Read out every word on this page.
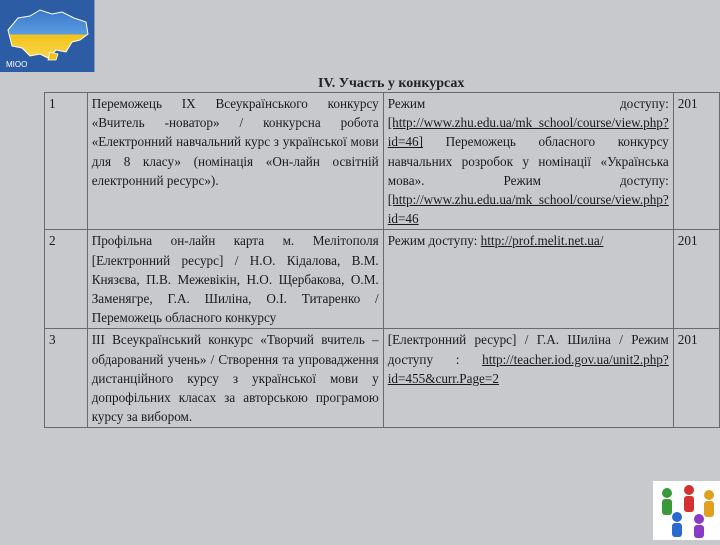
МІОО
IV. Участь у конкурсах
1	Переможець IX Всеукраїнського конкурсу «Вчитель -новатор» / конкурсна робота «Електронний навчальний курс з української мови для 8 класу» (номінація «Он-лайн освітній електронний ресурс»).	Режим доступу: [http://www.zhu.edu.ua/mk_school/course/view.php?id=46] Переможець обласного конкурсу навчальних розробок у номінації «Українська мова». Режим доступу: [http://www.zhu.edu.ua/mk_school/course/view.php?id=46	201
2	Профільна он-лайн карта м. Мелітополя [Електронний ресурс] / Н.О. Кідалова, В.М. Князєва, П.В. Межевікін, Н.О. Щербакова, О.М. Заменягре, Г.А. Шиліна, О.І. Титаренко / Переможець обласного конкурсу	Режим доступу: http://prof.melit.net.ua/	201
3	ІІІ Всеукраїнський конкурс «Творчий вчитель – обдарований учень» / Створення та упровадження дистанційного курсу з української мови у допрофільних класах за авторською програмою курсу за вибором.	[Електронний ресурс] / Г.А. Шиліна / Режим доступу : http://teacher.iod.gov.ua/unit2.php?id=455&curr.Page=2	201
